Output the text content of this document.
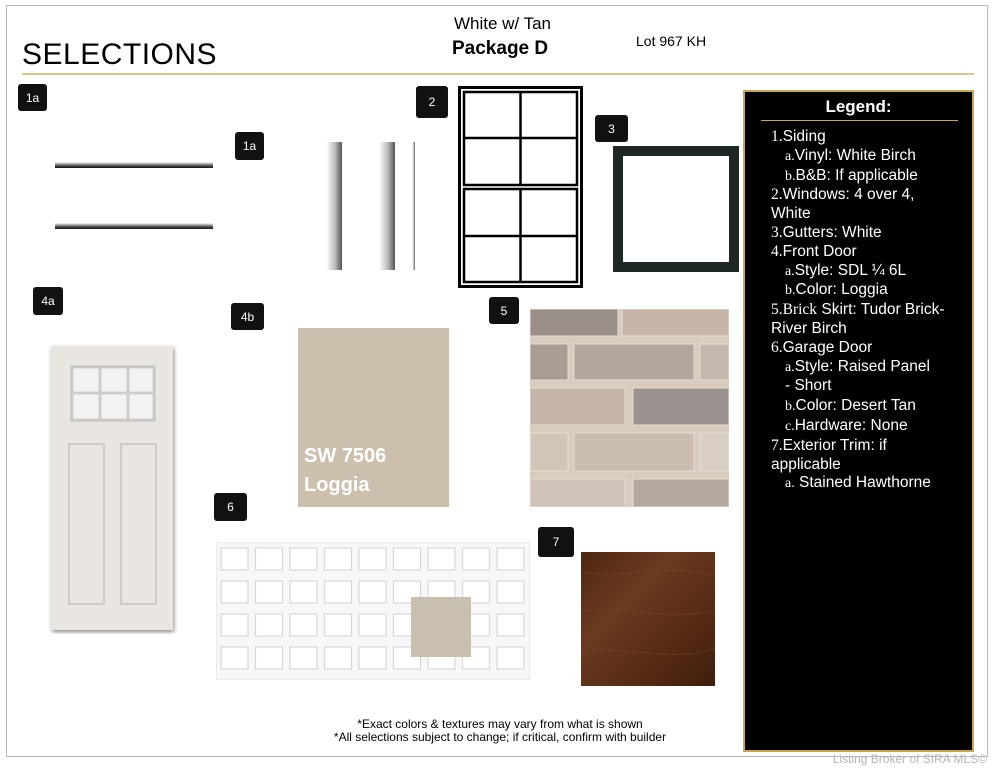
SELECTIONS
White w/ Tan
Package D	Lot 967 KH
1a
1a
2
3
4a
4b
SW 7506
Loggia
5
6
7
Legend:
1.Siding
a.Vinyl: White Birch
b.B&B: If applicable
2.Windows: 4 over 4,
White
3.Gutters: White
4.Front Door
a.Style: SDL ¼ 6L
b.Color: Loggia
5.Brick Skirt: Tudor Brick-
River Birch
6.Garage Door
a.Style: Raised Panel
- Short
b.Color: Desert Tan
c.Hardware: None
7.Exterior Trim: if
applicable
a. Stained Hawthorne
*Exact colors & textures may vary from what is shown
*All selections subject to change; if critical, confirm with builder
Listing Broker of SIRA MLS©
